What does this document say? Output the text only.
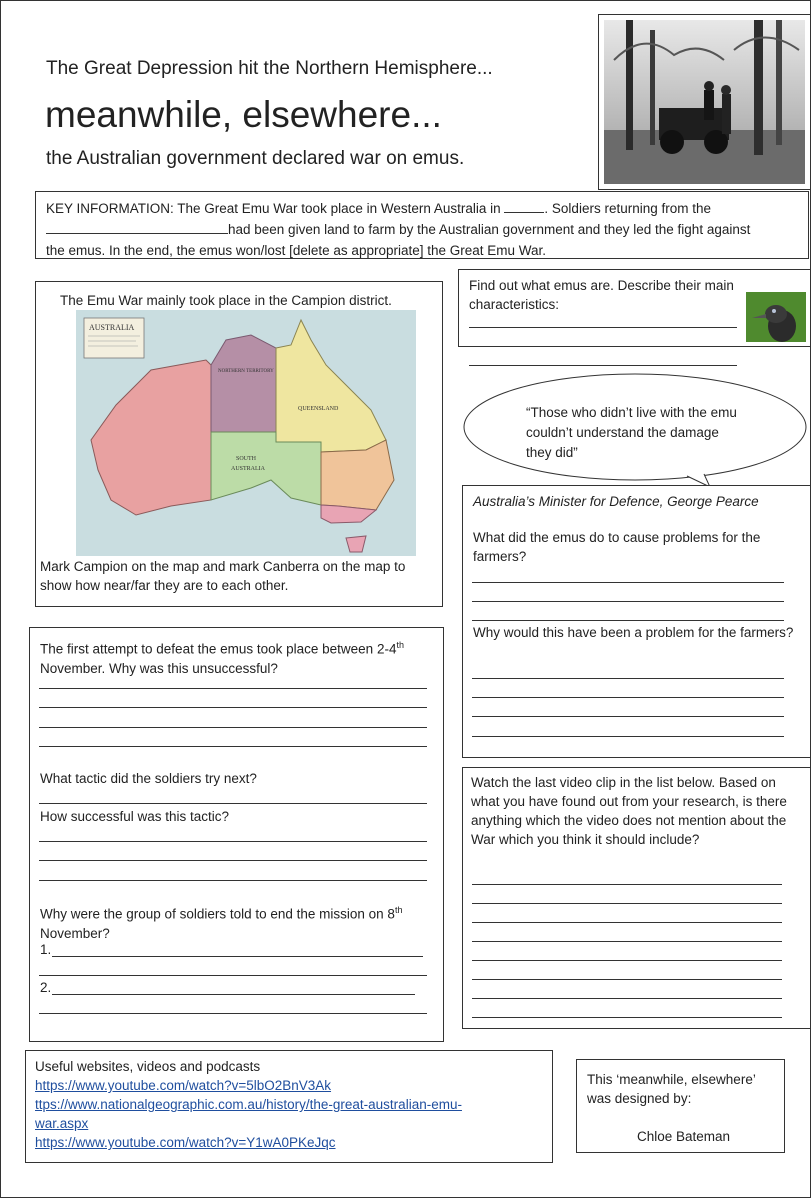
The Great Depression hit the Northern Hemisphere...
meanwhile, elsewhere...
the Australian government declared war on emus.
KEY INFORMATION: The Great Emu War took place in Western Australia in	. Soldiers returning from the
had been given land to farm by the Australian government and they led the fight against
the emus. In the end, the emus won/lost [delete as appropriate] the Great Emu War.
The Emu War mainly took place in the Campion district.
AUSTRALIA
NORTHERN TERRITORY
QUEENSLAND
SOUTH
AUSTRALIA
Mark Campion on the map and mark Canberra on the map to show how near/far they are to each other.
Find out what emus are. Describe their main characteristics:
“Those who didn’t live with the emu couldn’t understand the damage they did”
Australia’s Minister for Defence, George Pearce
What did the emus do to cause problems for the farmers?
Why would this have been a problem for the farmers?
The first attempt to defeat the emus took place between 2-4th November. Why was this unsuccessful?
What tactic did the soldiers try next?
How successful was this tactic?
Why were the group of soldiers told to end the mission on 8th November?
1.
2.
Watch the last video clip in the list below. Based on what you have found out from your research, is there anything which the video does not mention about the War which you think it should include?
Useful websites, videos and podcasts
https://www.youtube.com/watch?v=5lbO2BnV3Ak
ttps://www.nationalgeographic.com.au/history/the-great-australian-emu-war.aspx
https://www.youtube.com/watch?v=Y1wA0PKeJqc
This ‘meanwhile, elsewhere’ was designed by:
Chloe Bateman
